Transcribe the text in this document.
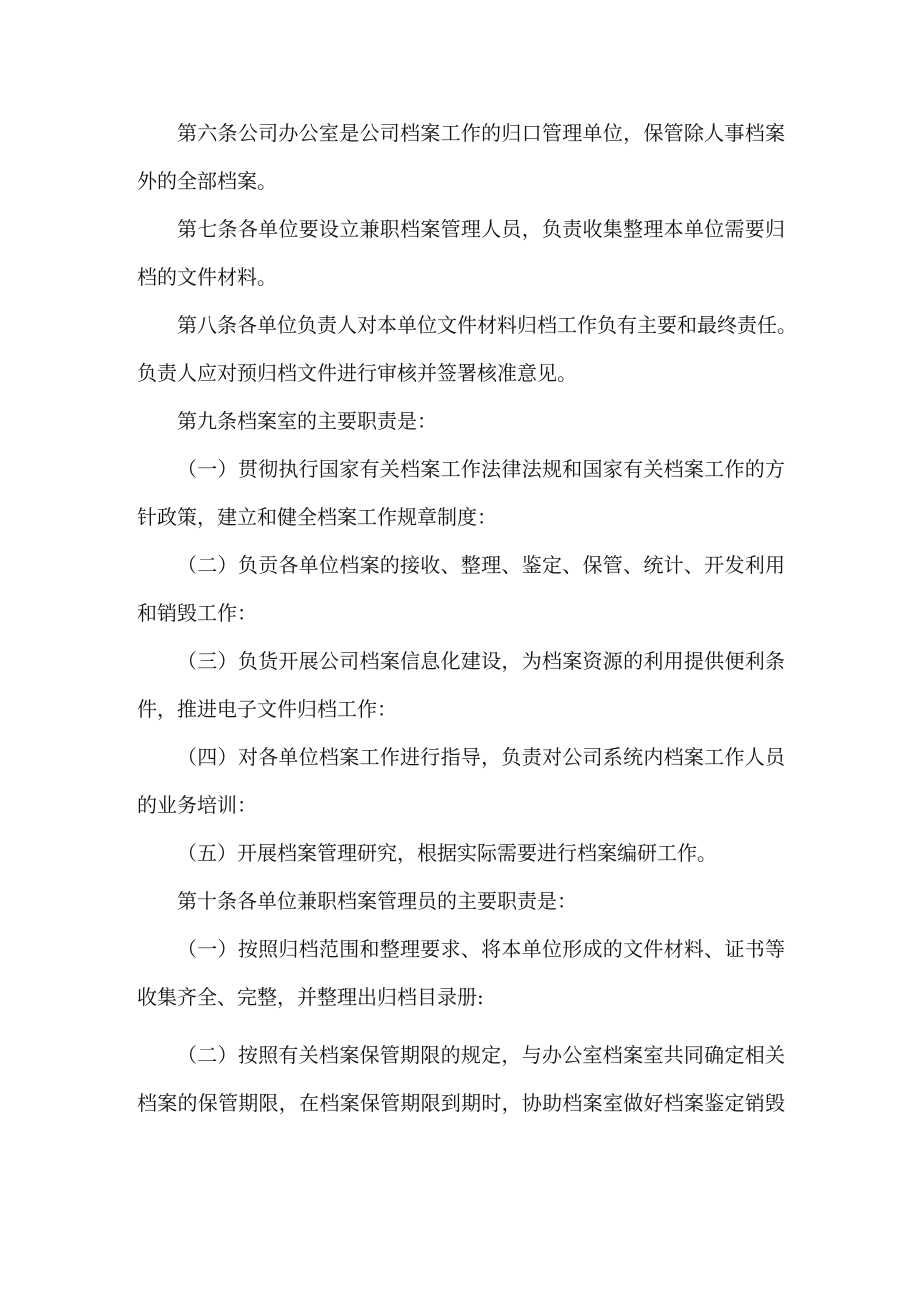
第六条公司办公室是公司档案工作的归口管理单位，保管除人事档案
外的全部档案。
第七条各单位要设立兼职档案管理人员，负责收集整理本单位需要归
档的文件材料。
第八条各单位负责人对本单位文件材料归档工作负有主要和最终责任。
负责人应对预归档文件进行审核并签署核准意见。
第九条档案室的主要职责是：
（一）贯彻执行国家有关档案工作法律法规和国家有关档案工作的方
针政策，建立和健全档案工作规章制度：
（二）负贡各单位档案的接收、整理、鉴定、保管、统计、开发利用
和销毁工作：
（三）负货开展公司档案信息化建设，为档案资源的利用提供便利条
件，推进电子文件归档工作：
（四）对各单位档案工作进行指导，负责对公司系统内档案工作人员
的业务培训：
（五）开展档案管理研究，根据实际需要进行档案编研工作。
第十条各单位兼职档案管理员的主要职责是：
（一）按照归档范围和整理要求、将本单位形成的文件材料、证书等
收集齐全、完整，并整理出归档目录册:
（二）按照有关档案保管期限的规定，与办公室档案室共同确定相关
档案的保管期限，在档案保管期限到期时，协助档案室做好档案鉴定销毁
